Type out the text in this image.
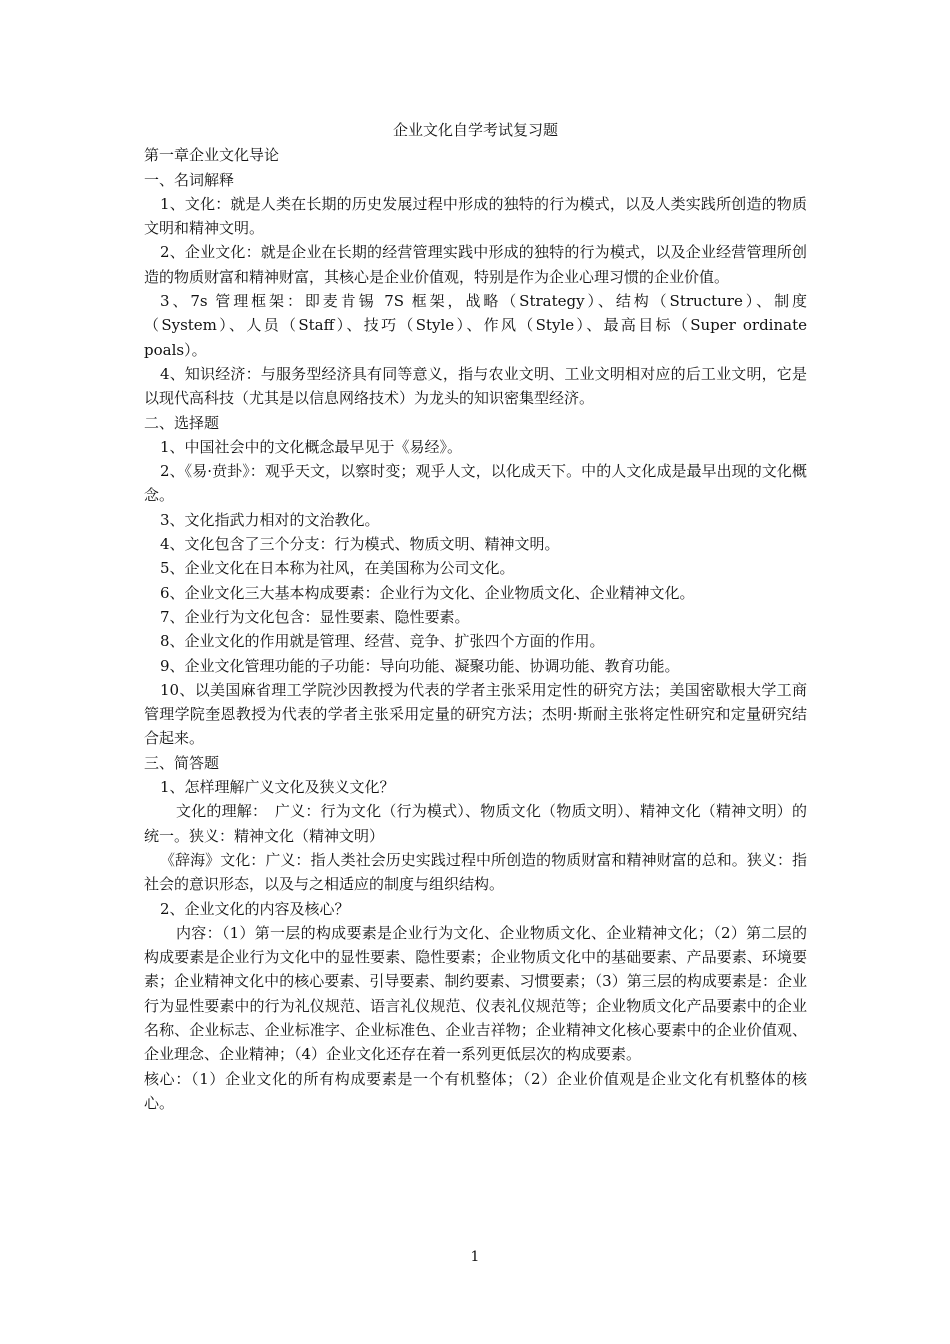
企业文化自学考试复习题

第一章企业文化导论

一、名词解释

1、文化：就是人类在长期的历史发展过程中形成的独特的行为模式，以及人类实践所创造的物质文明和精神文明。

2、企业文化：就是企业在长期的经营管理实践中形成的独特的行为模式，以及企业经营管理所创造的物质财富和精神财富，其核心是企业价值观，特别是作为企业心理习惯的企业价值。

3、7s 管理框架：即麦肯锡 7S 框架，战略（Strategy）、结构（Structure）、制度（System）、人员（Staff）、技巧（Style）、作风（Style）、最高目标（Super ordinate poals）。

4、知识经济：与服务型经济具有同等意义，指与农业文明、工业文明相对应的后工业文明，它是以现代高科技（尤其是以信息网络技术）为龙头的知识密集型经济。

二、选择题

1、中国社会中的文化概念最早见于《易经》。

2、《易·贲卦》：观乎天文，以察时变；观乎人文，以化成天下。中的人文化成是最早出现的文化概念。

3、文化指武力相对的文治教化。

4、文化包含了三个分支：行为模式、物质文明、精神文明。

5、企业文化在日本称为社风，在美国称为公司文化。

6、企业文化三大基本构成要素：企业行为文化、企业物质文化、企业精神文化。

7、企业行为文化包含：显性要素、隐性要素。

8、企业文化的作用就是管理、经营、竞争、扩张四个方面的作用。

9、企业文化管理功能的子功能：导向功能、凝聚功能、协调功能、教育功能。

10、以美国麻省理工学院沙因教授为代表的学者主张采用定性的研究方法；美国密歇根大学工商管理学院奎恩教授为代表的学者主张采用定量的研究方法；杰明·斯耐主张将定性研究和定量研究结合起来。

三、简答题

1、怎样理解广义文化及狭义文化？

文化的理解：　广义：行为文化（行为模式）、物质文化（物质文明）、精神文化（精神文明）的统一。狭义：精神文化（精神文明）

《辞海》文化：广义：指人类社会历史实践过程中所创造的物质财富和精神财富的总和。狭义：指社会的意识形态，以及与之相适应的制度与组织结构。

2、企业文化的内容及核心？

内容：（1）第一层的构成要素是企业行为文化、企业物质文化、企业精神文化；（2）第二层的构成要素是企业行为文化中的显性要素、隐性要素；企业物质文化中的基础要素、产品要素、环境要素；企业精神文化中的核心要素、引导要素、制约要素、习惯要素；（3）第三层的构成要素是：企业行为显性要素中的行为礼仪规范、语言礼仪规范、仪表礼仪规范等；企业物质文化产品要素中的企业名称、企业标志、企业标准字、企业标准色、企业吉祥物；企业精神文化核心要素中的企业价值观、企业理念、企业精神；（4）企业文化还存在着一系列更低层次的构成要素。

核心：（1）企业文化的所有构成要素是一个有机整体；（2）企业价值观是企业文化有机整体的核心。

1
